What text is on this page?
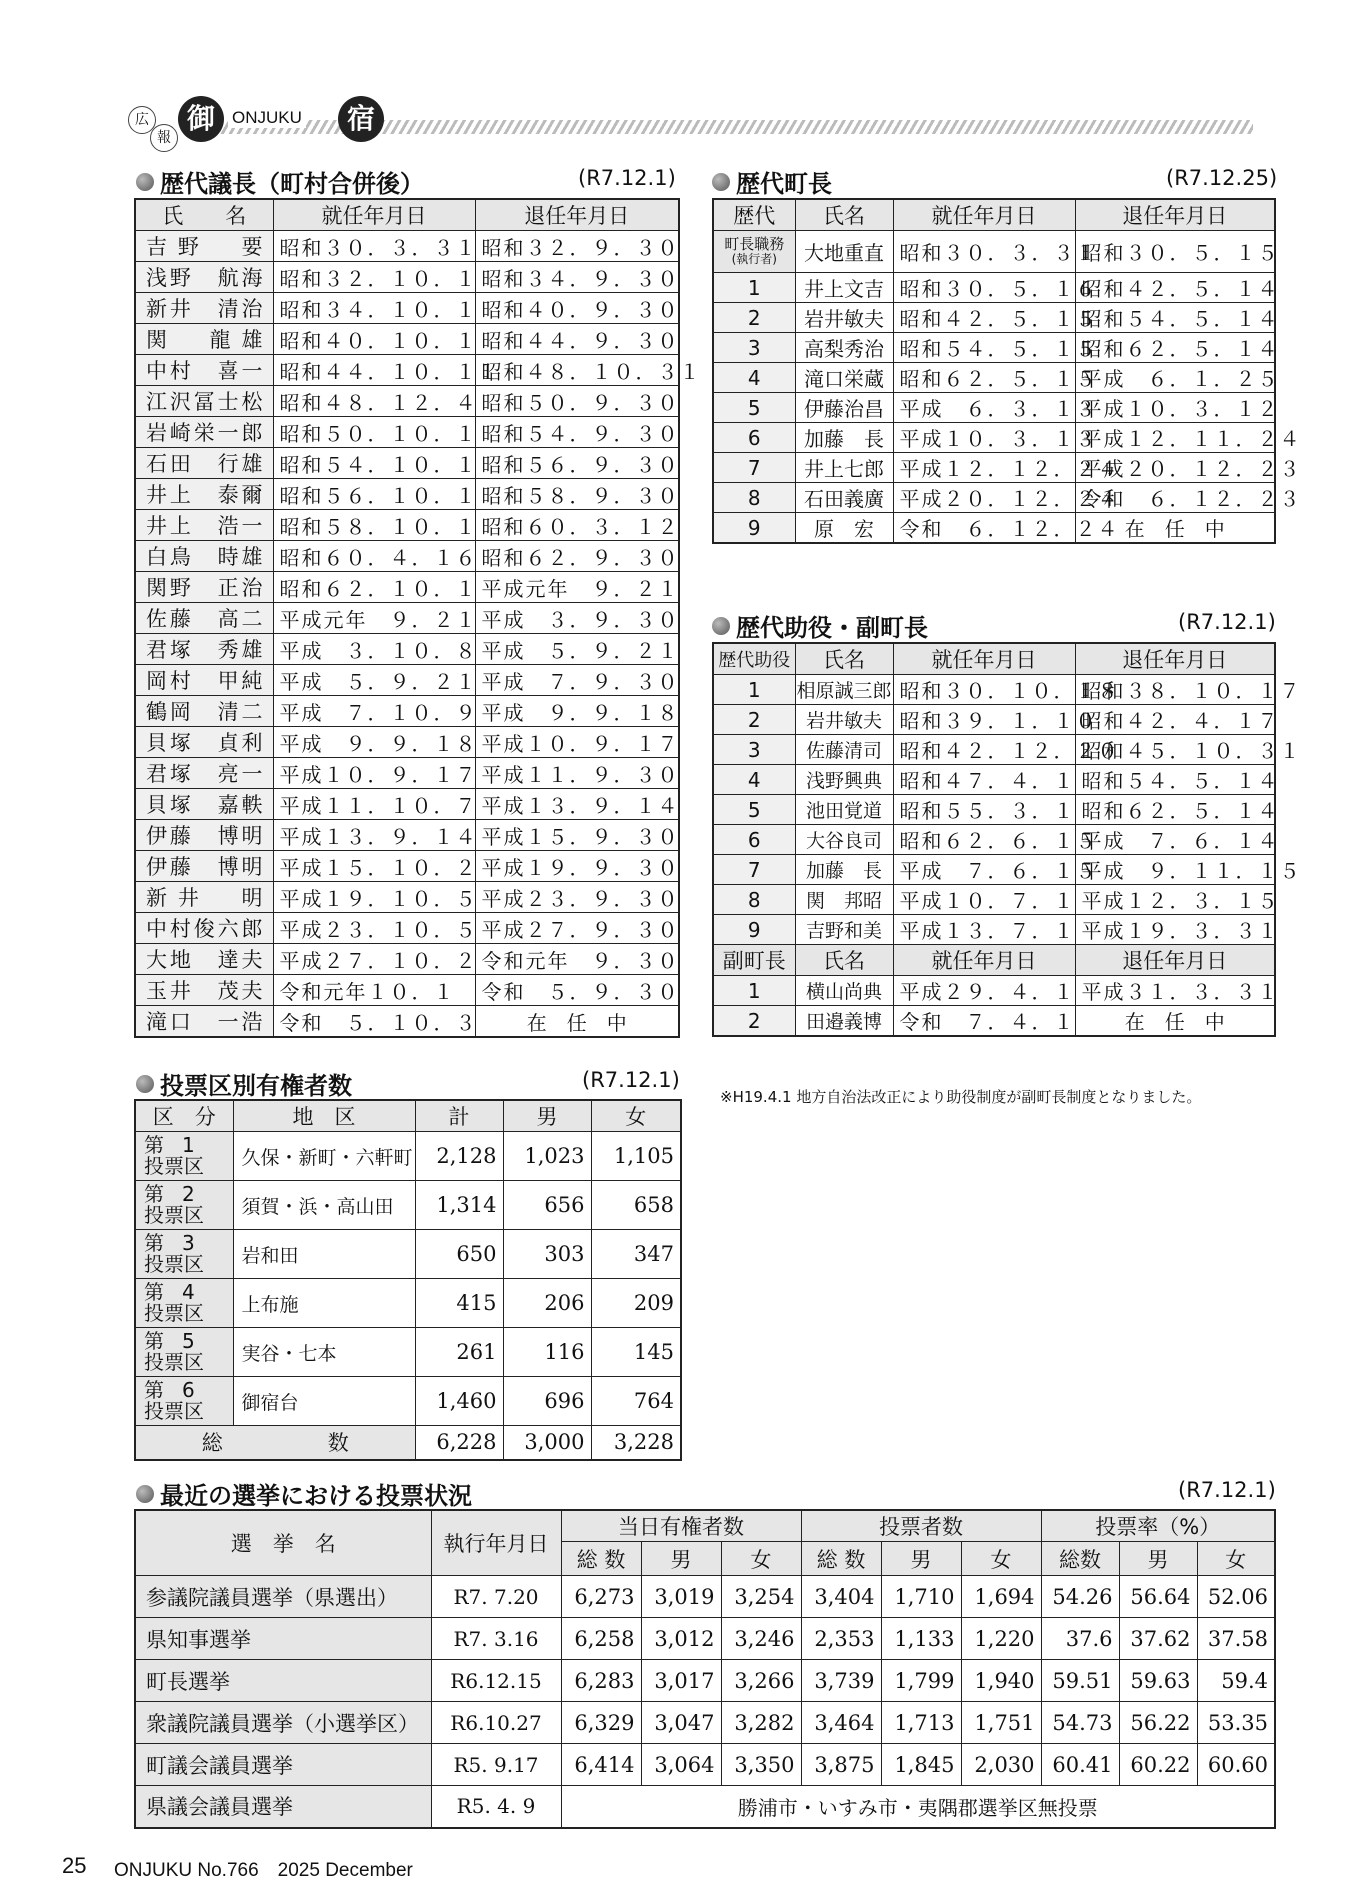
広
報
御	ONJUKU	宿
歴代議長（町村合併後）	(R7.12.1)
氏　　名	就任年月日	退任年月日
吉野　要	昭和３０．３．３１	昭和３２．９．３０
浅野　航海	昭和３２．１０．１	昭和３４．９．３０
新井　清治	昭和３４．１０．１	昭和４０．９．３０
関　龍雄	昭和４０．１０．１	昭和４４．９．３０
中村　喜一	昭和４４．１０．１１	昭和４８．１０．３１
江沢冨士松	昭和４８．１２．４	昭和５０．９．３０
岩崎栄一郎	昭和５０．１０．１	昭和５４．９．３０
石田　行雄	昭和５４．１０．１	昭和５６．９．３０
井上　泰爾	昭和５６．１０．１	昭和５８．９．３０
井上　浩一	昭和５８．１０．１	昭和６０．３．１２
白鳥　時雄	昭和６０．４．１６	昭和６２．９．３０
関野　正治	昭和６２．１０．１	平成元年　９．２１
佐藤　高二	平成元年　９．２１	平成　３．９．３０
君塚　秀雄	平成　３．１０．８	平成　５．９．２１
岡村　甲純	平成　５．９．２１	平成　７．９．３０
鶴岡　清二	平成　７．１０．９	平成　９．９．１８
貝塚　貞利	平成　９．９．１８	平成１０．９．１７
君塚　亮一	平成１０．９．１７	平成１１．９．３０
貝塚　嘉軼	平成１１．１０．７	平成１３．９．１４
伊藤　博明	平成１３．９．１４	平成１５．９．３０
伊藤　博明	平成１５．１０．２	平成１９．９．３０
新井　明	平成１９．１０．５	平成２３．９．３０
中村俊六郎	平成２３．１０．５	平成２７．９．３０
大地　達夫	平成２７．１０．２	令和元年　９．３０
玉井　茂夫	令和元年１０．１	令和　５．９．３０
滝口　一浩	令和　５．１０．３	在　任　中
歴代町長	(R7.12.25)
歴代	氏名	就任年月日	退任年月日

町長職務
(執行者)	大地重直	昭和３０．３．３１	昭和３０．５．１５
1	井上文吉	昭和３０．５．１６	昭和４２．５．１４
2	岩井敏夫	昭和４２．５．１５	昭和５４．５．１４
3	高梨秀治	昭和５４．５．１５	昭和６２．５．１４
4	滝口栄蔵	昭和６２．５．１５	平成　６．１．２５
5	伊藤治昌	平成　６．３．１３	平成１０．３．１２
6	加藤　長	平成１０．３．１３	平成１２．１１．２４
7	井上七郎	平成１２．１２．２４	平成２０．１２．２３
8	石田義廣	平成２０．１２．２４	令和　６．１２．２３
9	原　宏	令和　６．１２．２４	在　任　中
歴代助役・副町長	(R7.12.1)
歴代助役	氏名	就任年月日	退任年月日
1	相原誠三郎	昭和３０．１０．１８	昭和３８．１０．１７
2	岩井敏夫	昭和３９．１．１０	昭和４２．４．１７
3	佐藤清司	昭和４２．１２．２０	昭和４５．１０．３１
4	浅野興典	昭和４７．４．１	昭和５４．５．１４
5	池田覚道	昭和５５．３．１	昭和６２．５．１４
6	大谷良司	昭和６２．６．１５	平成　７．６．１４
7	加藤　長	平成　７．６．１５	平成　９．１１．１５
8	関　邦昭	平成１０．７．１	平成１２．３．１５
9	吉野和美	平成１３．７．１	平成１９．３．３１
副町長	氏名	就任年月日	退任年月日
1	横山尚典	平成２９．４．１	平成３１．３．３１
2	田邉義博	令和　７．４．１	在　任　中
※H19.4.1 地方自治法改正により助役制度が副町長制度となりました。
投票区別有権者数	(R7.12.1)
区　分	地　区	計	男	女

第 1
投票区	久保・新町・六軒町	2,128	1,023	1,105

第 2
投票区	須賀・浜・高山田	1,314	656	658

第 3
投票区	岩和田	650	303	347

第 4
投票区	上布施	415	206	209

第 5
投票区	実谷・七本	261	116	145

第 6
投票区	御宿台	1,460	696	764
総　　　　　数		6,228	3,000	3,228
最近の選挙における投票状況	(R7.12.1)
選　挙　名	執行年月日	当日有権者数			投票者数			投票率（%）		
		総 数	男	女	総 数	男	女	総数	男	女
参議院議員選挙（県選出）	R7. 7.20	6,273	3,019	3,254	3,404	1,710	1,694	54.26	56.64	52.06
県知事選挙	R7. 3.16	6,258	3,012	3,246	2,353	1,133	1,220	37.6	37.62	37.58
町長選挙	R6.12.15	6,283	3,017	3,266	3,739	1,799	1,940	59.51	59.63	59.4
衆議院議員選挙（小選挙区）	R6.10.27	6,329	3,047	3,282	3,464	1,713	1,751	54.73	56.22	53.35
町議会議員選挙	R5. 9.17	6,414	3,064	3,350	3,875	1,845	2,030	60.41	60.22	60.60
県議会議員選挙	R5. 4. 9	勝浦市・いすみ市・夷隅郡選挙区無投票								
25 ONJUKU No.766　2025 December
